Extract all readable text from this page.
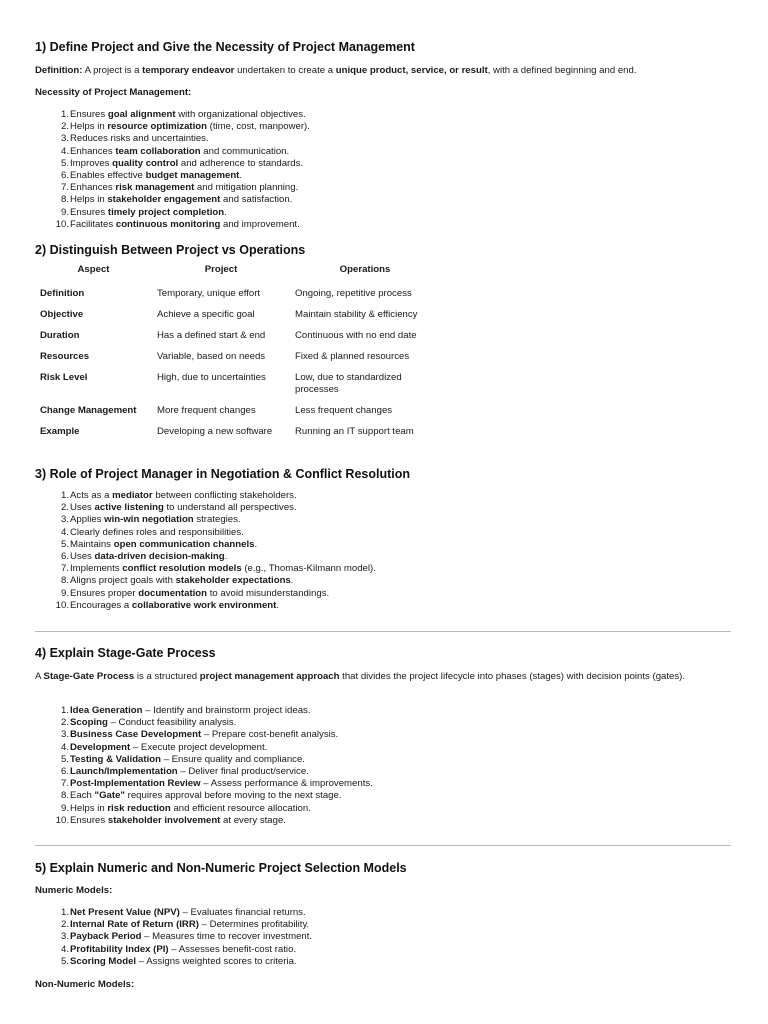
1) Define Project and Give the Necessity of Project Management

Definition: A project is a temporary endeavor undertaken to create a unique product, service, or result, with a defined beginning and end.

Necessity of Project Management:

1.Ensures goal alignment with organizational objectives.
2.Helps in resource optimization (time, cost, manpower).
3.Reduces risks and uncertainties.
4.Enhances team collaboration and communication.
5.Improves quality control and adherence to standards.
6.Enables effective budget management.
7.Enhances risk management and mitigation planning.
8.Helps in stakeholder engagement and satisfaction.
9.Ensures timely project completion.
10.Facilitates continuous monitoring and improvement.
2) Distinguish Between Project vs Operations
Aspect	Project	Operations
Definition	Temporary, unique effort	Ongoing, repetitive process
Objective	Achieve a specific goal	Maintain stability & efficiency
Duration	Has a defined start & end	Continuous with no end date
Resources	Variable, based on needs	Fixed & planned resources
Risk Level	High, due to uncertainties	Low, due to standardized processes
Change Management	More frequent changes	Less frequent changes
Example	Developing a new software	Running an IT support team
3) Role of Project Manager in Negotiation & Conflict Resolution
1.Acts as a mediator between conflicting stakeholders.
2.Uses active listening to understand all perspectives.
3.Applies win-win negotiation strategies.
4.Clearly defines roles and responsibilities.
5.Maintains open communication channels.
6.Uses data-driven decision-making.
7.Implements conflict resolution models (e.g., Thomas-Kilmann model).
8.Aligns project goals with stakeholder expectations.
9.Ensures proper documentation to avoid misunderstandings.
10.Encourages a collaborative work environment.
4) Explain Stage-Gate Process

A Stage-Gate Process is a structured project management approach that divides the project lifecycle into phases (stages) with decision points (gates).

1.Idea Generation – Identify and brainstorm project ideas.
2.Scoping – Conduct feasibility analysis.
3.Business Case Development – Prepare cost-benefit analysis.
4.Development – Execute project development.
5.Testing & Validation – Ensure quality and compliance.
6.Launch/Implementation – Deliver final product/service.
7.Post-Implementation Review – Assess performance & improvements.
8.Each "Gate" requires approval before moving to the next stage.
9.Helps in risk reduction and efficient resource allocation.
10.Ensures stakeholder involvement at every stage.
5) Explain Numeric and Non-Numeric Project Selection Models

Numeric Models:

1.Net Present Value (NPV) – Evaluates financial returns.
2.Internal Rate of Return (IRR) – Determines profitability.
3.Payback Period – Measures time to recover investment.
4.Profitability Index (PI) – Assesses benefit-cost ratio.
5.Scoring Model – Assigns weighted scores to criteria.

Non-Numeric Models:
